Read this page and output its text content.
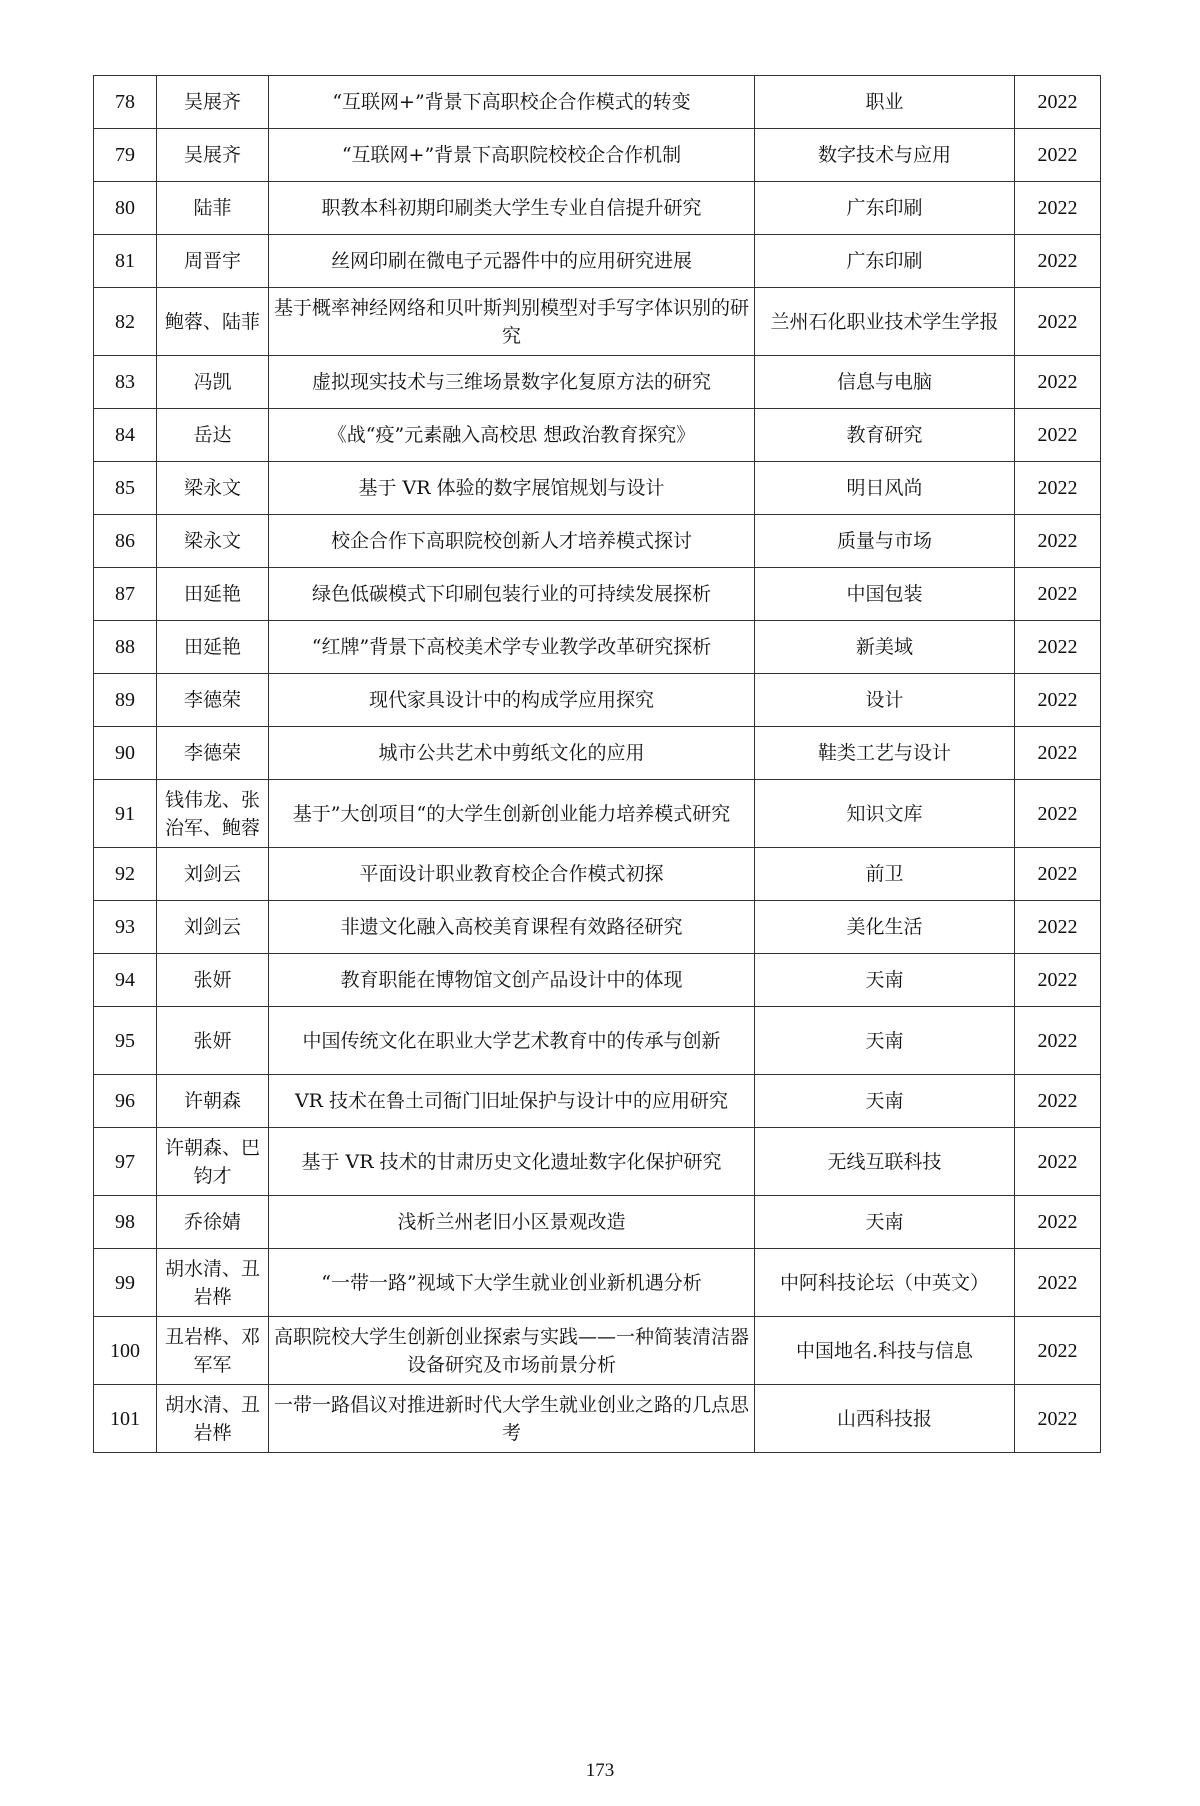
78	吴展齐	“互联网+”背景下高职校企合作模式的转变	职业	2022
79	吴展齐	“互联网+”背景下高职院校校企合作机制	数字技术与应用	2022
80	陆菲	职教本科初期印刷类大学生专业自信提升研究	广东印刷	2022
81	周晋宇	丝网印刷在微电子元器件中的应用研究进展	广东印刷	2022
82	鲍蓉、陆菲	基于概率神经网络和贝叶斯判别模型对手写字体识别的研究	兰州石化职业技术学生学报	2022
83	冯凯	虚拟现实技术与三维场景数字化复原方法的研究	信息与电脑	2022
84	岳达	《战“疫”元素融入高校思 想政治教育探究》	教育研究	2022
85	梁永文	基于 VR 体验的数字展馆规划与设计	明日风尚	2022
86	梁永文	校企合作下高职院校创新人才培养模式探讨	质量与市场	2022
87	田延艳	绿色低碳模式下印刷包装行业的可持续发展探析	中国包装	2022
88	田延艳	“红牌”背景下高校美术学专业教学改革研究探析	新美域	2022
89	李德荣	现代家具设计中的构成学应用探究	设计	2022
90	李德荣	城市公共艺术中剪纸文化的应用	鞋类工艺与设计	2022
91	钱伟龙、张治军、鲍蓉	基于”大创项目“的大学生创新创业能力培养模式研究	知识文库	2022
92	刘剑云	平面设计职业教育校企合作模式初探	前卫	2022
93	刘剑云	非遗文化融入高校美育课程有效路径研究	美化生活	2022
94	张妍	教育职能在博物馆文创产品设计中的体现	天南	2022
95	张妍	中国传统文化在职业大学艺术教育中的传承与创新	天南	2022
96	许朝森	VR 技术在鲁土司衙门旧址保护与设计中的应用研究	天南	2022
97	许朝森、巴钧才	基于 VR 技术的甘肃历史文化遗址数字化保护研究	无线互联科技	2022
98	乔徐婧	浅析兰州老旧小区景观改造	天南	2022
99	胡水清、丑岩桦	“一带一路”视域下大学生就业创业新机遇分析	中阿科技论坛（中英文）	2022
100	丑岩桦、邓军军	高职院校大学生创新创业探索与实践——一种简装清洁器设备研究及市场前景分析	中国地名.科技与信息	2022
101	胡水清、丑岩桦	一带一路倡议对推进新时代大学生就业创业之路的几点思考	山西科技报	2022
173
